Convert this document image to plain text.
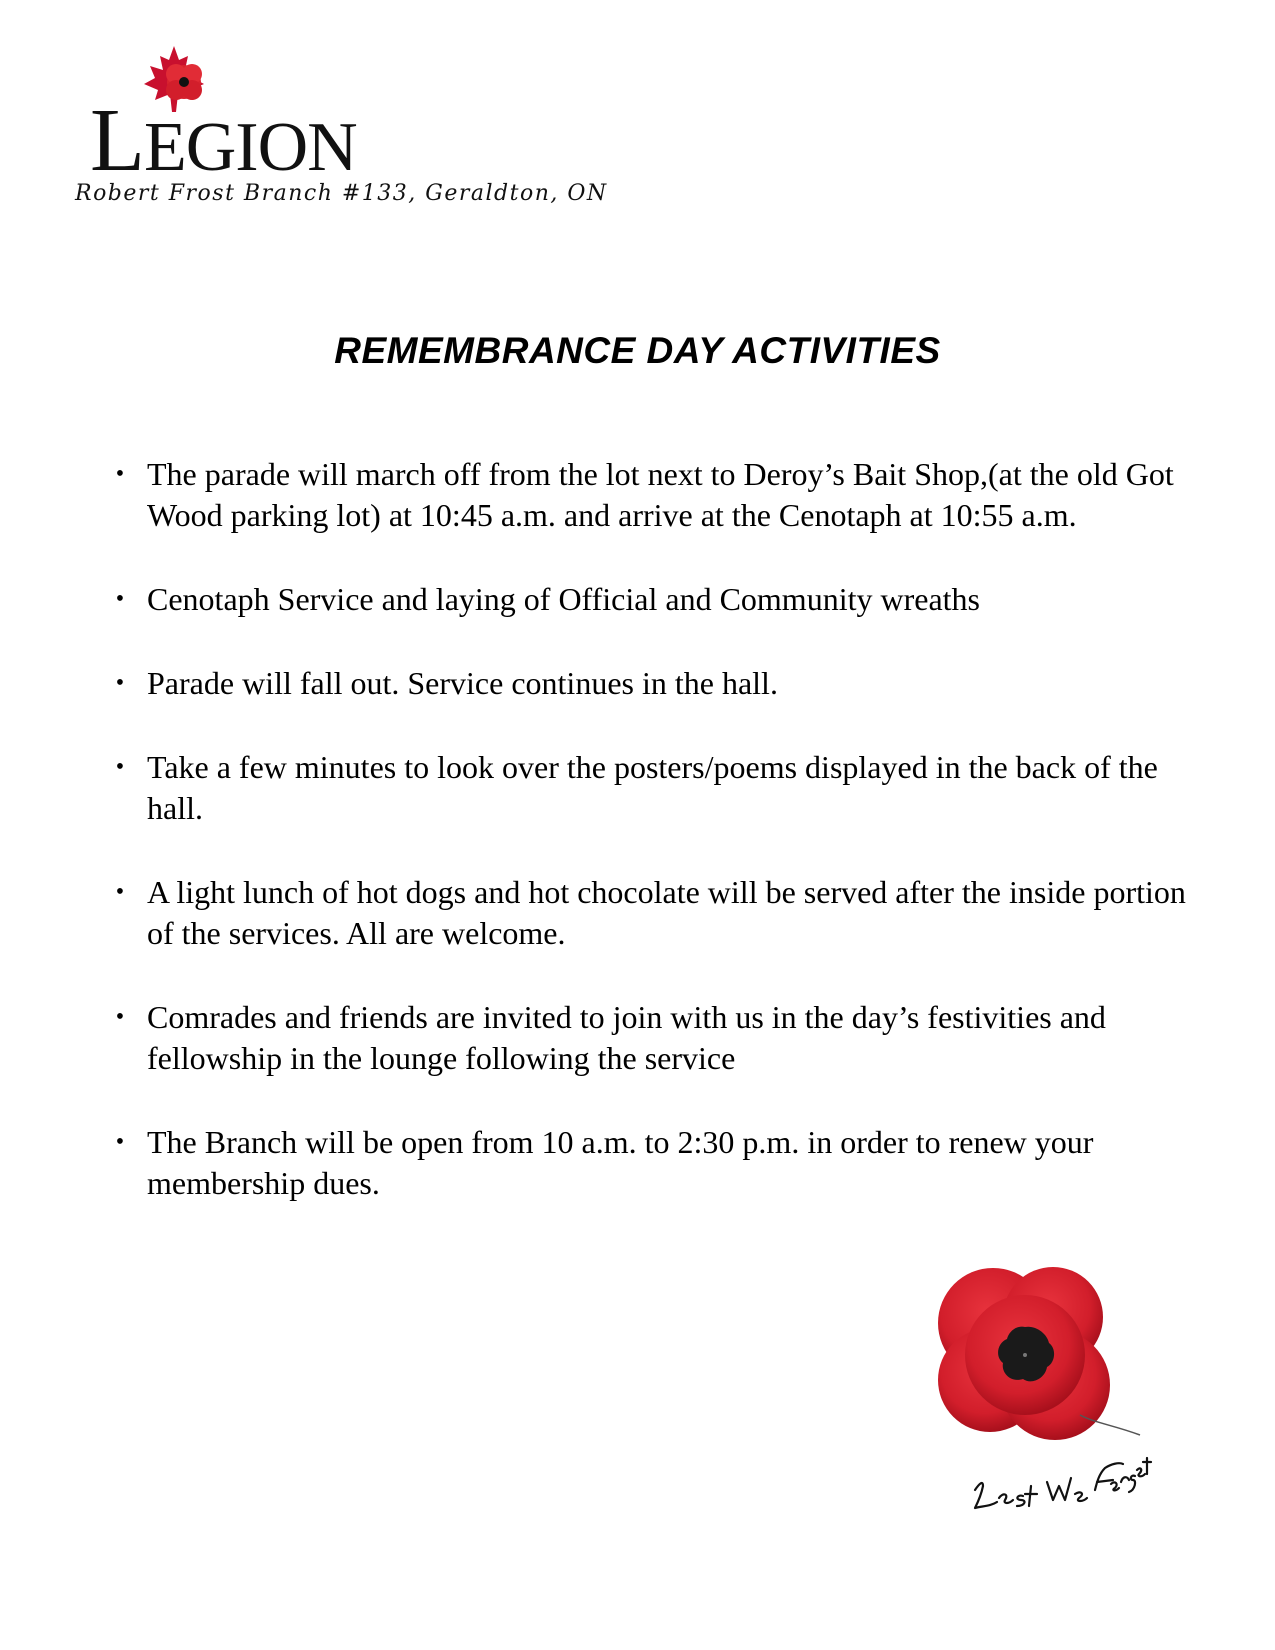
LEGION
Robert Frost Branch #133, Geraldton, ON
REMEMBRANCE DAY ACTIVITIES
• The parade will march off from the lot next to Deroy’s Bait Shop,(at the old Got Wood parking lot) at 10:45 a.m. and arrive at the Cenotaph at 10:55 a.m.
• Cenotaph Service and laying of Official and Community wreaths
• Parade will fall out. Service continues in the hall.
• Take a few minutes to look over the posters/poems displayed in the back of the hall.
• A light lunch of hot dogs and hot chocolate will be served after the inside portion of the services. All are welcome.
• Comrades and friends are invited to join with us in the day’s festivities and fellowship in the lounge following the service
• The Branch will be open from 10 a.m. to 2:30 p.m. in order to renew your membership dues.
